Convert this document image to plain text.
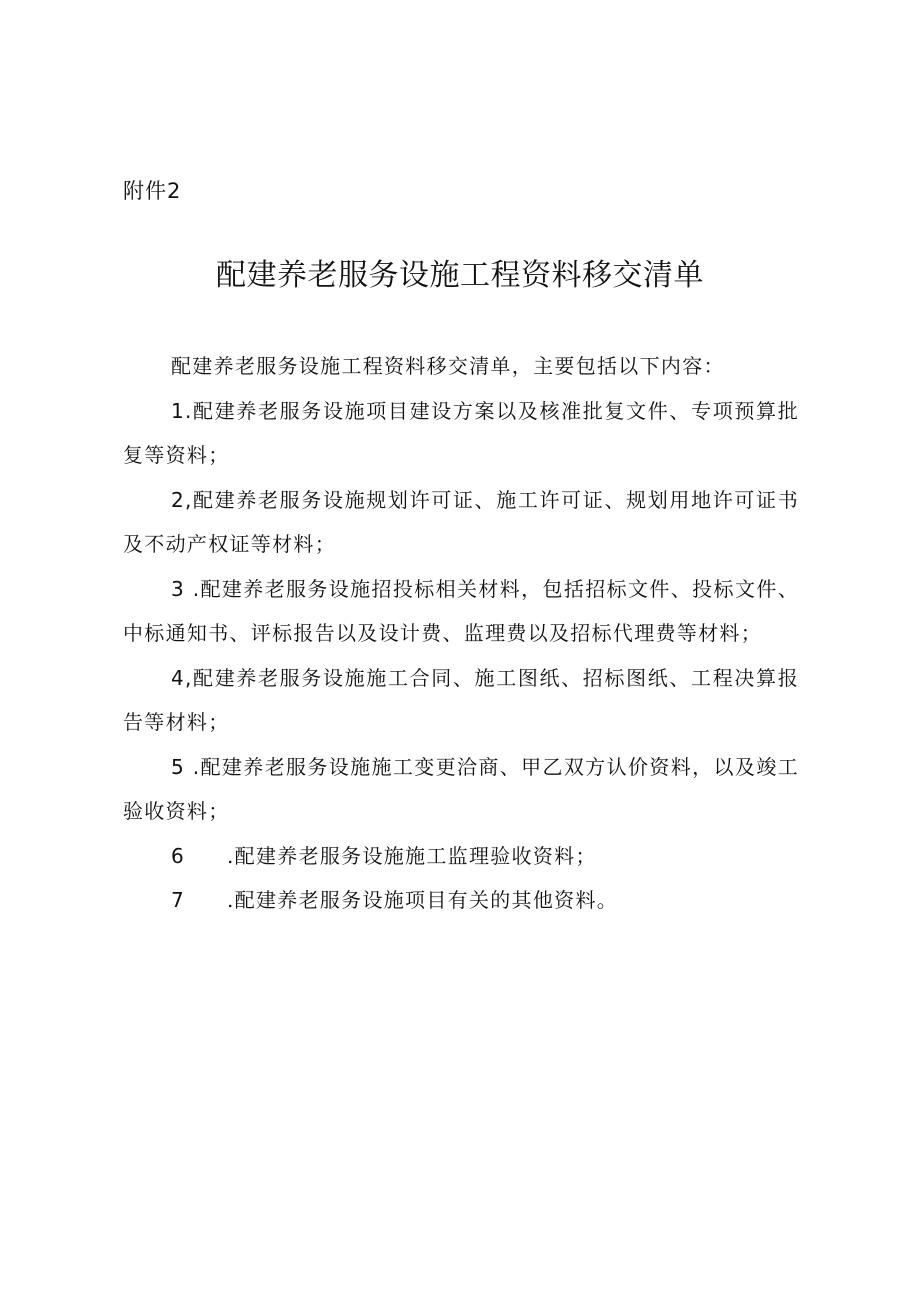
附件2

配建养老服务设施工程资料移交清单

配建养老服务设施工程资料移交清单，主要包括以下内容：

1.配建养老服务设施项目建设方案以及核准批复文件、专项预算批复等资料；

2,配建养老服务设施规划许可证、施工许可证、规划用地许可证书及不动产权证等材料；

3 .配建养老服务设施招投标相关材料，包括招标文件、投标文件、中标通知书、评标报告以及设计费、监理费以及招标代理费等材料；

4,配建养老服务设施施工合同、施工图纸、招标图纸、工程决算报告等材料；

5 .配建养老服务设施施工变更洽商、甲乙双方认价资料，以及竣工验收资料；

6 .配建养老服务设施施工监理验收资料；

7 .配建养老服务设施项目有关的其他资料。
